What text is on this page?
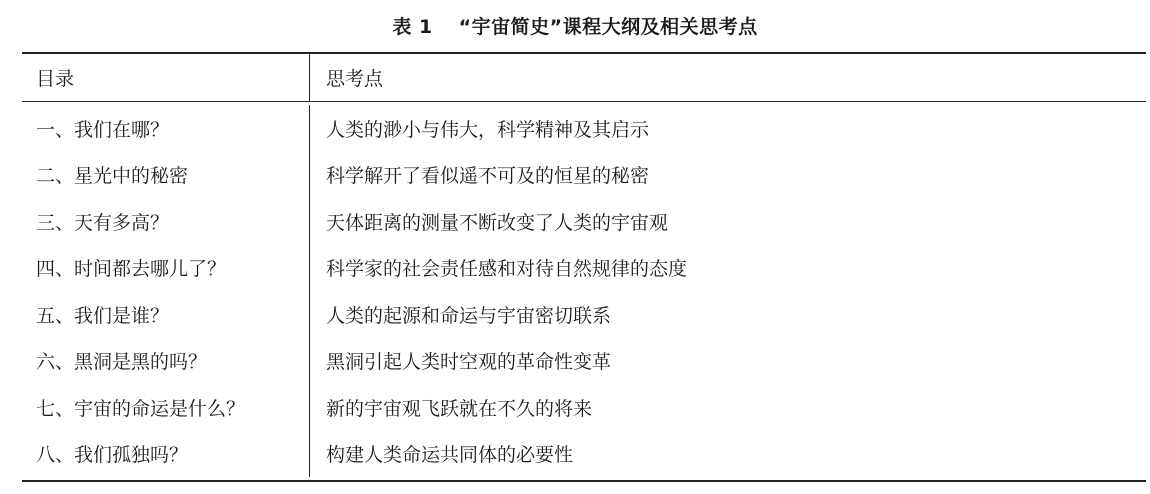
表 1 “宇宙简史”课程大纲及相关思考点
目录	思考点
一、我们在哪？	人类的渺小与伟大，科学精神及其启示
二、星光中的秘密	科学解开了看似遥不可及的恒星的秘密
三、天有多高？	天体距离的测量不断改变了人类的宇宙观
四、时间都去哪儿了？	科学家的社会责任感和对待自然规律的态度
五、我们是谁？	人类的起源和命运与宇宙密切联系
六、黑洞是黑的吗？	黑洞引起人类时空观的革命性变革
七、宇宙的命运是什么？	新的宇宙观飞跃就在不久的将来
八、我们孤独吗？	构建人类命运共同体的必要性
